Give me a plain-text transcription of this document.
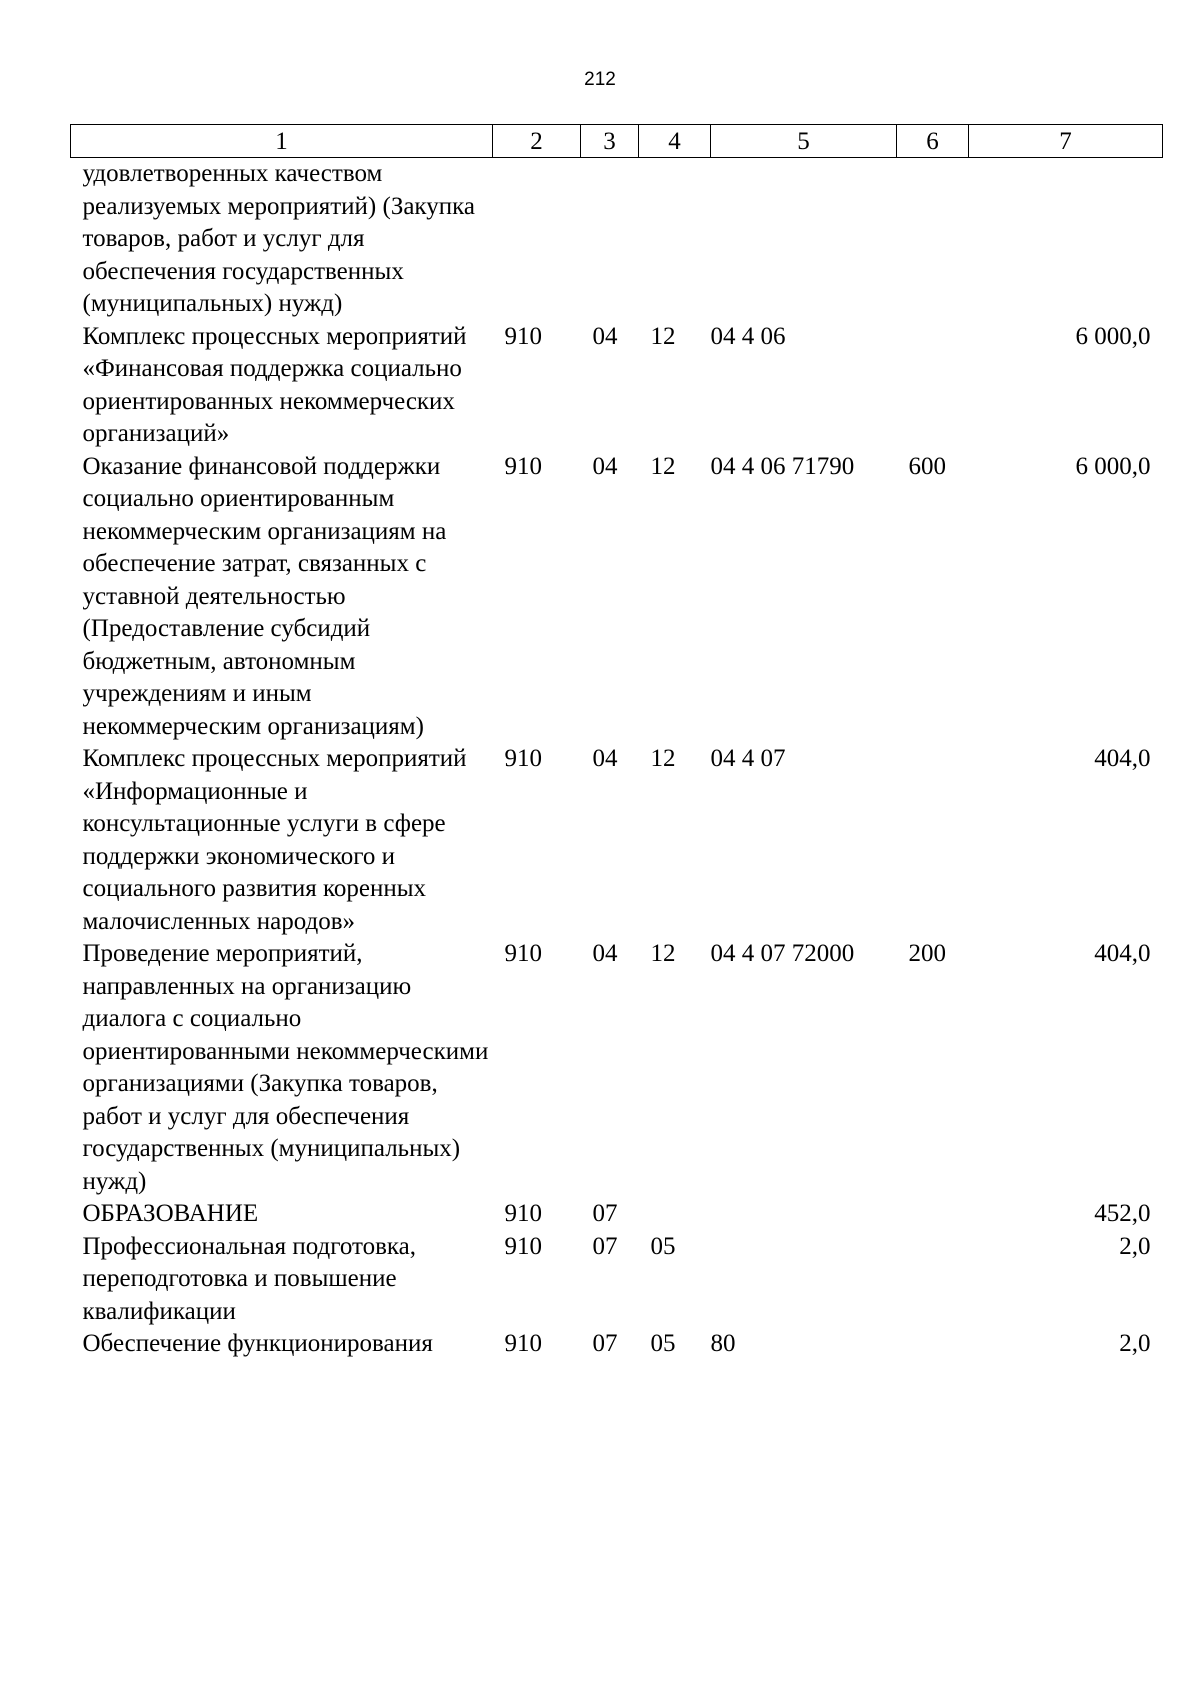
212
1	2	3	4	5	6	7
удовлетворенных качеством реализуемых мероприятий) (Закупка товаров, работ и услуг для обеспечения государственных (муниципальных) нужд)						
Комплекс процессных мероприятий «Финансовая поддержка социально ориентированных некоммерческих организаций»	910	04	12	04 4 06		6 000,0
Оказание финансовой поддержки социально ориентированным некоммерческим организациям на обеспечение затрат, связанных с уставной деятельностью (Предоставление субсидий бюджетным, автономным учреждениям и иным некоммерческим организациям)	910	04	12	04 4 06 71790	600	6 000,0
Комплекс процессных мероприятий «Информационные и консультационные услуги в сфере поддержки экономического и социального развития коренных малочисленных народов»	910	04	12	04 4 07		404,0
Проведение мероприятий, направленных на организацию диалога с социально ориентированными некоммерческими организациями (Закупка товаров, работ и услуг для обеспечения государственных (муниципальных) нужд)	910	04	12	04 4 07 72000	200	404,0
ОБРАЗОВАНИЕ	910	07				452,0
Профессиональная подготовка, переподготовка и повышение квалификации	910	07	05			2,0
Обеспечение функционирования	910	07	05	80		2,0
